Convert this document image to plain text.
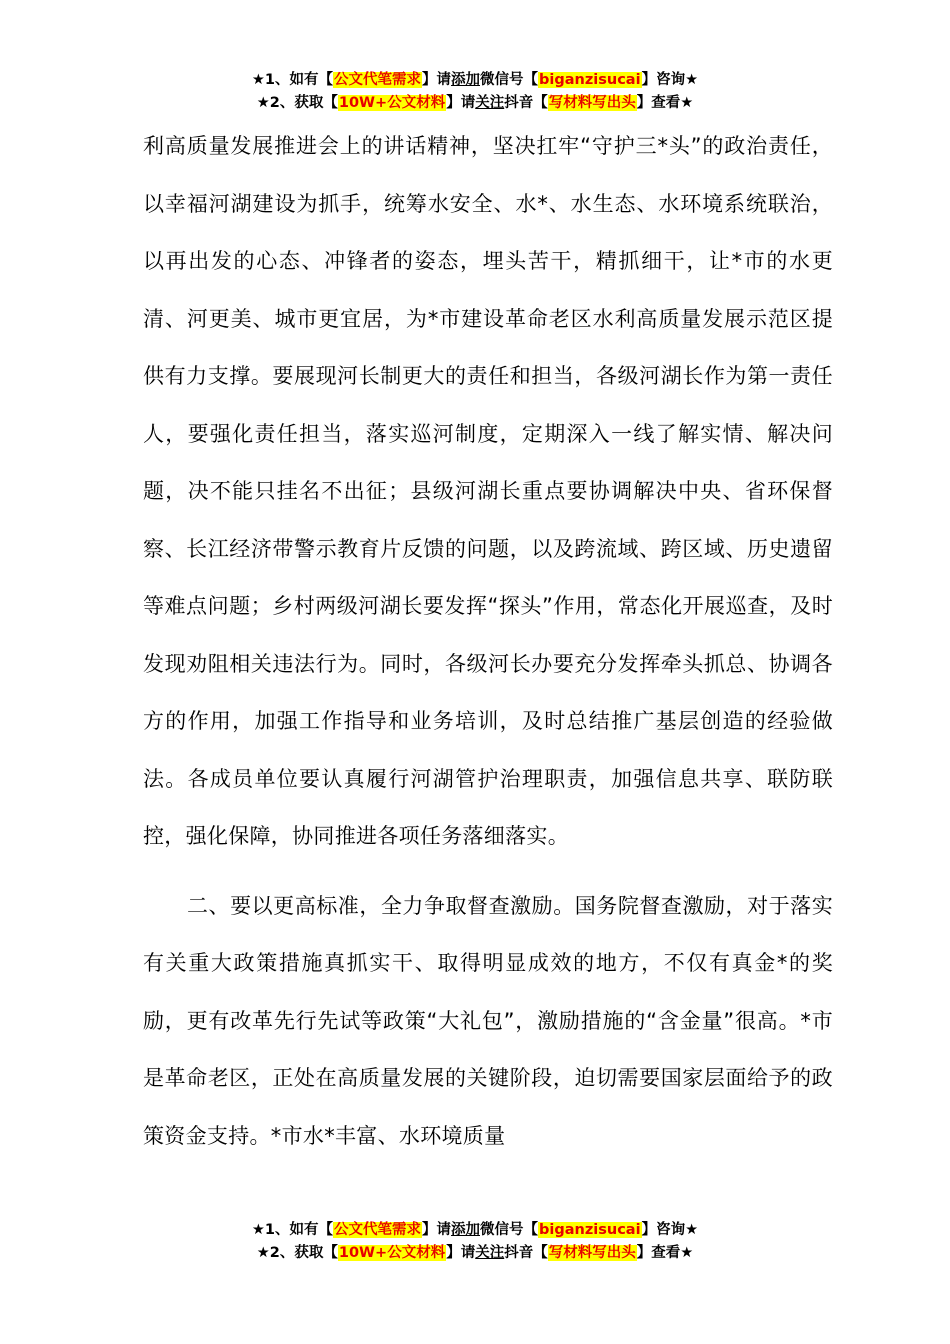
★1、如有【公文代笔需求】请添加微信号【biganzisucai】咨询★
★2、获取【10W+公文材料】请关注抖音【写材料写出头】查看★

利高质量发展推进会上的讲话精神，坚决扛牢“守护三*头”的政治责任，以幸福河湖建设为抓手，统筹水安全、水*、水生态、水环境系统联治，以再出发的心态、冲锋者的姿态，埋头苦干，精抓细干，让*市的水更清、河更美、城市更宜居，为*市建设革命老区水利高质量发展示范区提供有力支撑。要展现河长制更大的责任和担当，各级河湖长作为第一责任人，要强化责任担当，落实巡河制度，定期深入一线了解实情、解决问题，决不能只挂名不出征；县级河湖长重点要协调解决中央、省环保督察、长江经济带警示教育片反馈的问题，以及跨流域、跨区域、历史遗留等难点问题；乡村两级河湖长要发挥“探头”作用，常态化开展巡查，及时发现劝阻相关违法行为。同时，各级河长办要充分发挥牵头抓总、协调各方的作用，加强工作指导和业务培训，及时总结推广基层创造的经验做法。各成员单位要认真履行河湖管护治理职责，加强信息共享、联防联控，强化保障，协同推进各项任务落细落实。

二、要以更高标准，全力争取督查激励。国务院督查激励，对于落实有关重大政策措施真抓实干、取得明显成效的地方，不仅有真金*的奖励，更有改革先行先试等政策“大礼包”，激励措施的“含金量”很高。*市是革命老区，正处在高质量发展的关键阶段，迫切需要国家层面给予的政策资金支持。*市水*丰富、水环境质量

★1、如有【公文代笔需求】请添加微信号【biganzisucai】咨询★
★2、获取【10W+公文材料】请关注抖音【写材料写出头】查看★
